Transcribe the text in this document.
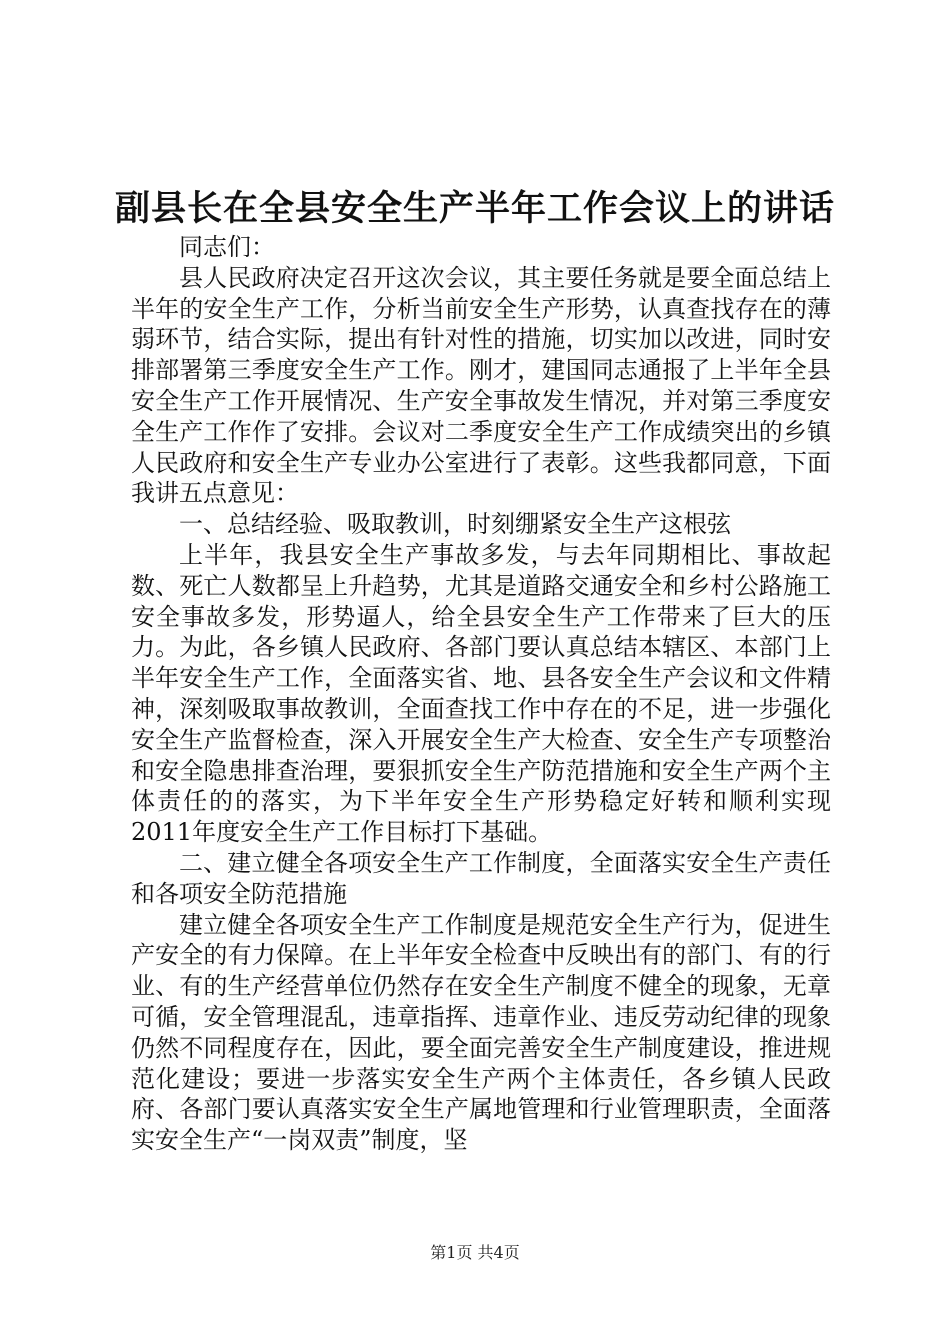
副县长在全县安全生产半年工作会议上的讲话

同志们：

县人民政府决定召开这次会议，其主要任务就是要全面总结上半年的安全生产工作，分析当前安全生产形势，认真查找存在的薄弱环节，结合实际，提出有针对性的措施，切实加以改进，同时安排部署第三季度安全生产工作。刚才，建国同志通报了上半年全县安全生产工作开展情况、生产安全事故发生情况，并对第三季度安全生产工作作了安排。会议对二季度安全生产工作成绩突出的乡镇人民政府和安全生产专业办公室进行了表彰。这些我都同意，下面我讲五点意见：

一、总结经验、吸取教训，时刻绷紧安全生产这根弦

上半年，我县安全生产事故多发，与去年同期相比、事故起数、死亡人数都呈上升趋势，尤其是道路交通安全和乡村公路施工安全事故多发，形势逼人，给全县安全生产工作带来了巨大的压力。为此，各乡镇人民政府、各部门要认真总结本辖区、本部门上半年安全生产工作，全面落实省、地、县各安全生产会议和文件精神，深刻吸取事故教训，全面查找工作中存在的不足，进一步强化安全生产监督检查，深入开展安全生产大检查、安全生产专项整治和安全隐患排查治理，要狠抓安全生产防范措施和安全生产两个主体责任的的落实，为下半年安全生产形势稳定好转和顺利实现2011年度安全生产工作目标打下基础。

二、建立健全各项安全生产工作制度，全面落实安全生产责任和各项安全防范措施

建立健全各项安全生产工作制度是规范安全生产行为，促进生产安全的有力保障。在上半年安全检查中反映出有的部门、有的行业、有的生产经营单位仍然存在安全生产制度不健全的现象，无章可循，安全管理混乱，违章指挥、违章作业、违反劳动纪律的现象仍然不同程度存在，因此，要全面完善安全生产制度建设，推进规范化建设；要进一步落实安全生产两个主体责任，各乡镇人民政府、各部门要认真落实安全生产属地管理和行业管理职责，全面落实安全生产“一岗双责”制度，坚

第1页 共4页
